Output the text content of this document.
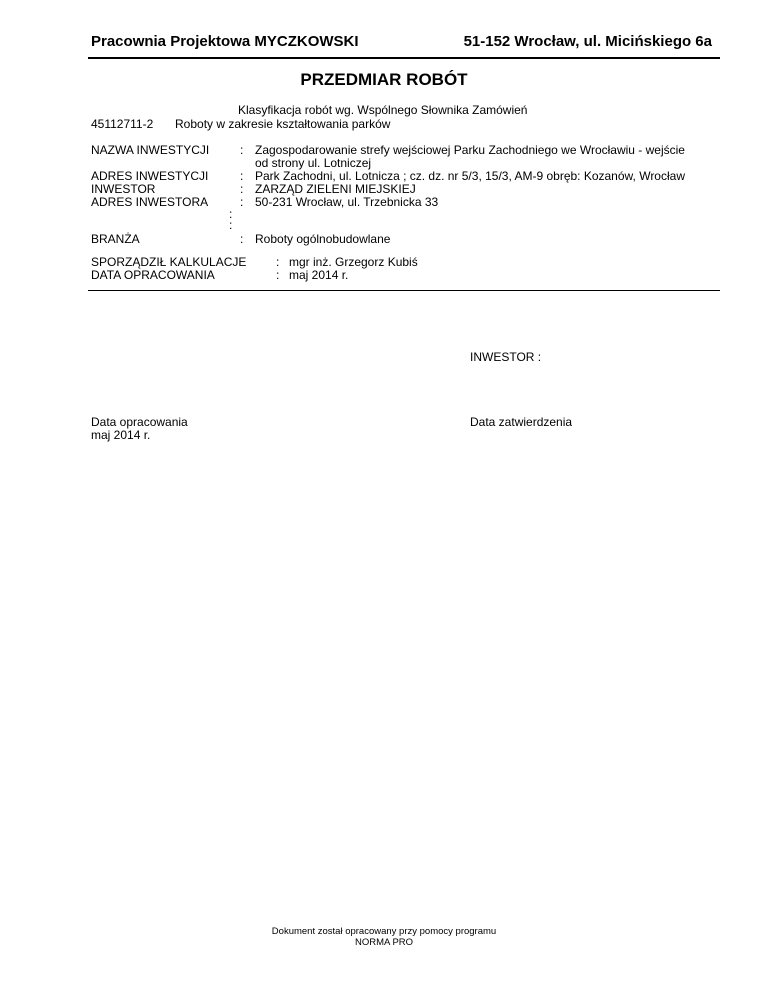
Pracownia Projektowa MYCZKOWSKI	51-152 Wrocław, ul. Micińskiego 6a
PRZEDMIAR ROBÓT
Klasyfikacja robót wg. Wspólnego Słownika Zamówień
45112711-2 Roboty w zakresie kształtowania parków
NAZWA INWESTYCJI	: Zagospodarowanie strefy wejściowej Parku Zachodniego we Wrocławiu - wejście
od strony ul. Lotniczej
ADRES INWESTYCJI	: Park Zachodni, ul. Lotnicza ; cz. dz. nr 5/3, 15/3, AM-9 obręb: Kozanów, Wrocław
INWESTOR	: ZARZĄD ZIELENI MIEJSKIEJ
ADRES INWESTORA	: 50-231 Wrocław, ul. Trzebnicka 33
:
:
BRANŻA	: Roboty ogólnobudowlane
SPORZĄDZIŁ KALKULACJE : mgr inż. Grzegorz Kubiś
DATA OPRACOWANIA	: maj 2014 r.
INWESTOR :
Data opracowania
maj 2014 r.
Data zatwierdzenia
Dokument został opracowany przy pomocy programu
NORMA PRO
